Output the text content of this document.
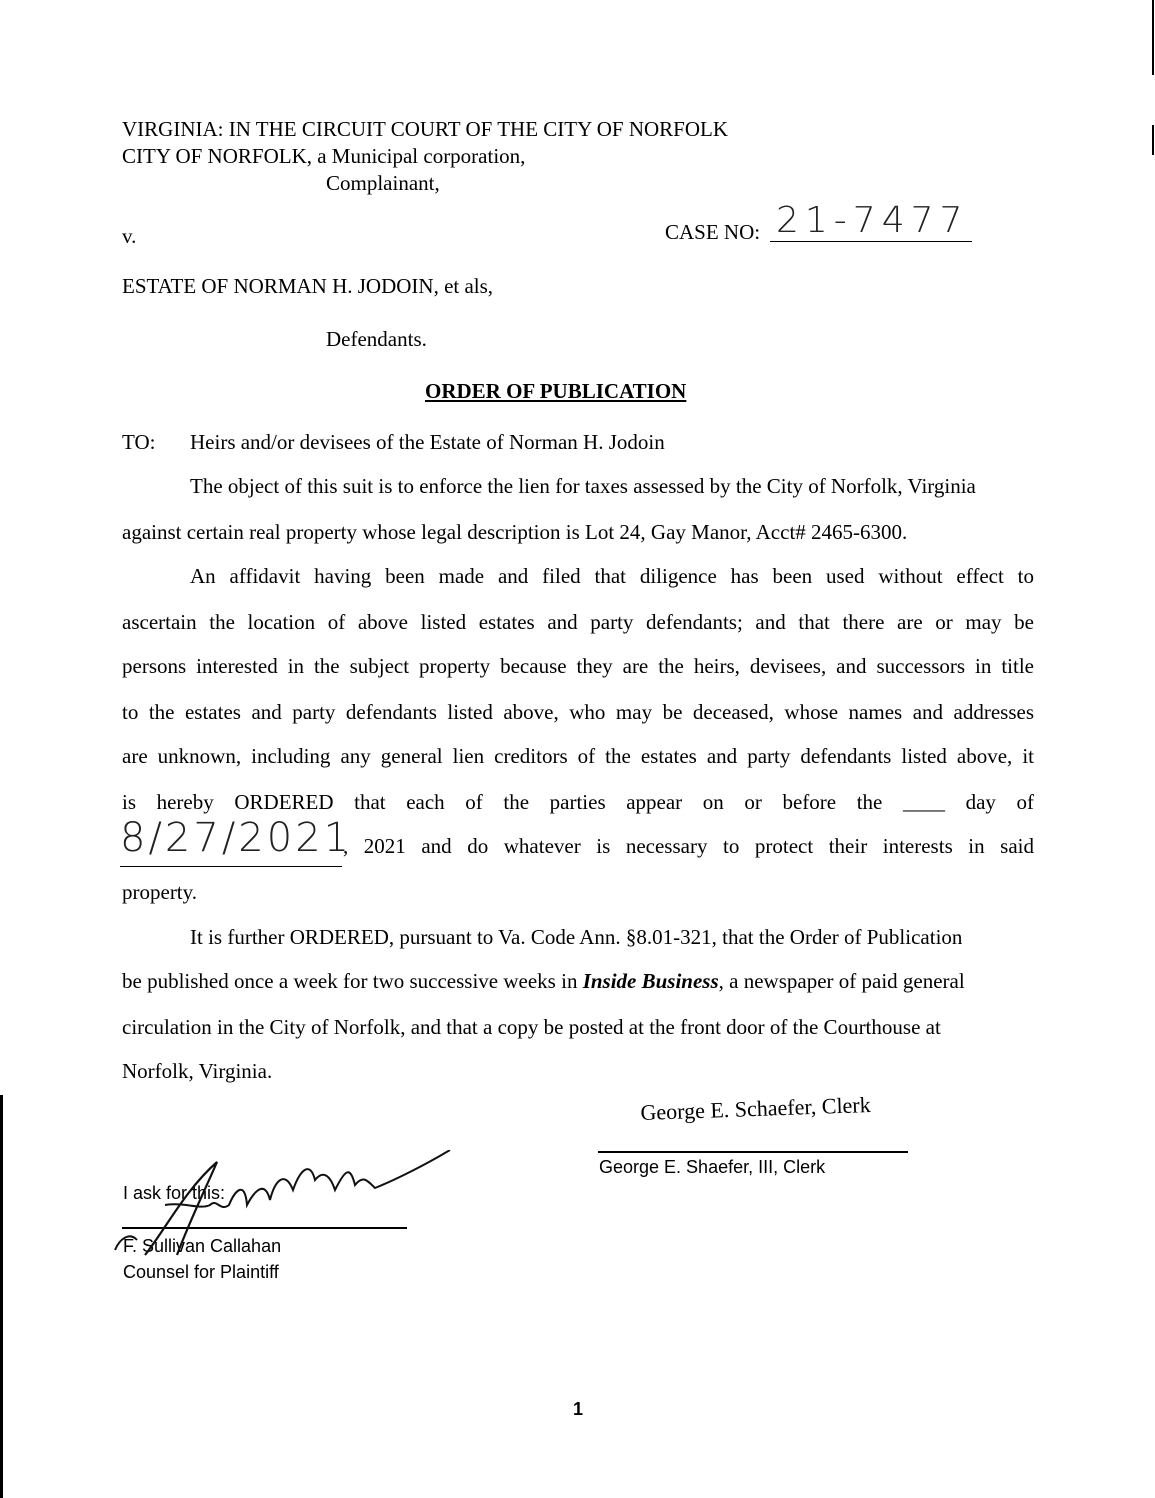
VIRGINIA: IN THE CIRCUIT COURT OF THE CITY OF NORFOLK
CITY OF NORFOLK, a Municipal corporation,
Complainant,
v.	CASE NO: 21-7477
ESTATE OF NORMAN H. JODOIN, et als,
Defendants.
ORDER OF PUBLICATION
TO: Heirs and/or devisees of the Estate of Norman H. Jodoin
The object of this suit is to enforce the lien for taxes assessed by the City of Norfolk, Virginia
against certain real property whose legal description is Lot 24, Gay Manor, Acct# 2465-6300.
An affidavit having been made and filed that diligence has been used without effect to
ascertain the location of above listed estates and party defendants; and that there are or may be
persons interested in the subject property because they are the heirs, devisees, and successors in title
to the estates and party defendants listed above, who may be deceased, whose names and addresses
are unknown, including any general lien creditors of the estates and party defendants listed above, it
is hereby ORDERED that each of the parties appear on or before the ____ day of
8/27/2021
, 2021 and do whatever is necessary to protect their interests in said
property.
It is further ORDERED, pursuant to Va. Code Ann. §8.01-321, that the Order of Publication
be published once a week for two successive weeks in Inside Business, a newspaper of paid general
circulation in the City of Norfolk, and that a copy be posted at the front door of the Courthouse at
Norfolk, Virginia.
George E. Schaefer, Clerk
George E. Shaefer, III, Clerk
I ask for this:
F. Sullivan Callahan
Counsel for Plaintiff
1
